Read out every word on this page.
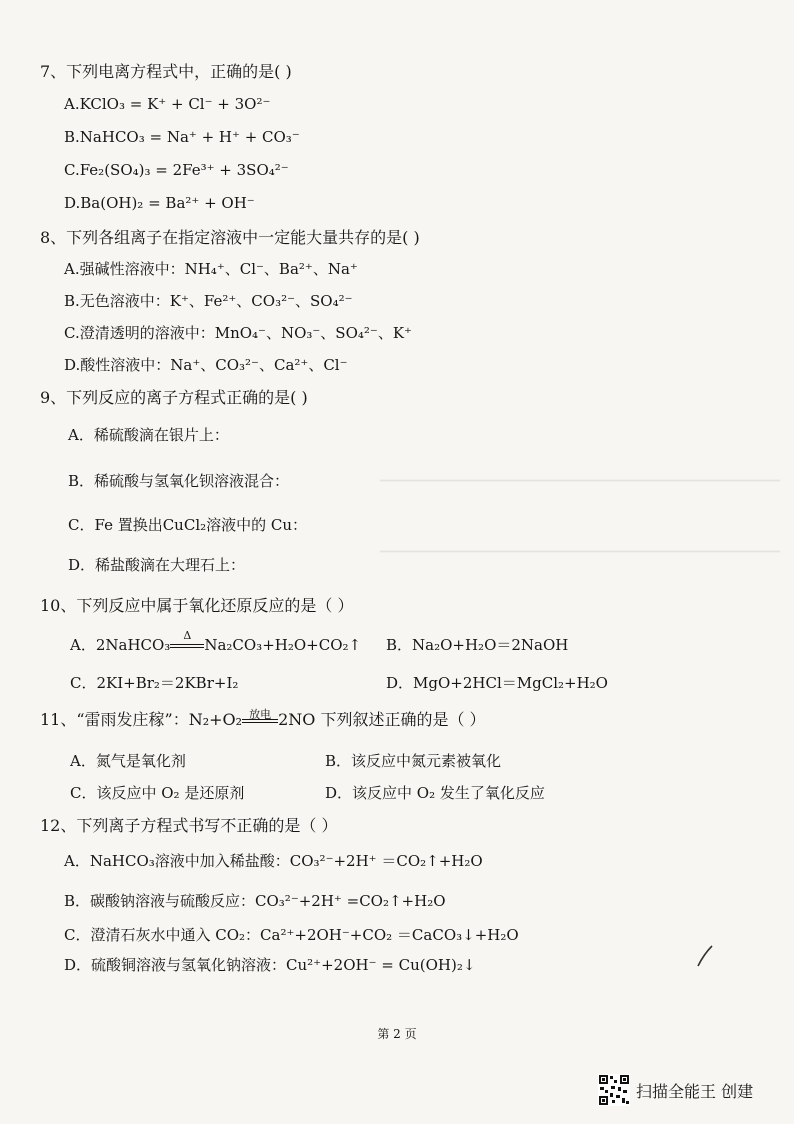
7、下列电离方程式中，正确的是( )
A.KClO₃ = K⁺ + Cl⁻ + 3O²⁻
B.NaHCO₃ = Na⁺ + H⁺ + CO₃⁻
C.Fe₂(SO₄)₃ = 2Fe³⁺ + 3SO₄²⁻
D.Ba(OH)₂ = Ba²⁺ + OH⁻
8、下列各组离子在指定溶液中一定能大量共存的是( )
A.强碱性溶液中：NH₄⁺、Cl⁻、Ba²⁺、Na⁺
B.无色溶液中：K⁺、Fe²⁺、CO₃²⁻、SO₄²⁻
C.澄清透明的溶液中：MnO₄⁻、NO₃⁻、SO₄²⁻、K⁺
D.酸性溶液中：Na⁺、CO₃²⁻、Ca²⁺、Cl⁻
9、下列反应的离子方程式正确的是( )
A．稀硫酸滴在银片上：
B．稀硫酸与氢氧化钡溶液混合：
C．Fe 置换出CuCl₂溶液中的 Cu：
D．稀盐酸滴在大理石上：
10、下列反应中属于氧化还原反应的是（ ）
A．2NaHCO₃
Δ
Na₂CO₃+H₂O+CO₂↑ B．Na₂O+H₂O＝2NaOH
C．2KI+Br₂＝2KBr+I₂	D．MgO+2HCl＝MgCl₂+H₂O
11、“雷雨发庄稼”：N₂+O₂ 放电 2NO 下列叙述正确的是（ ）
A．氮气是氧化剂	B．该反应中氮元素被氧化
C．该反应中 O₂ 是还原剂	D．该反应中 O₂ 发生了氧化反应
12、下列离子方程式书写不正确的是（ ）
A．NaHCO₃溶液中加入稀盐酸：CO₃²⁻+2H⁺ ＝CO₂↑+H₂O
B．碳酸钠溶液与硫酸反应：CO₃²⁻+2H⁺ =CO₂↑+H₂O
C．澄清石灰水中通入 CO₂：Ca²⁺+2OH⁻+CO₂ ＝CaCO₃↓+H₂O
D．硫酸铜溶液与氢氧化钠溶液：Cu²⁺+2OH⁻ = Cu(OH)₂↓
第 2 页
扫描全能王 创建
